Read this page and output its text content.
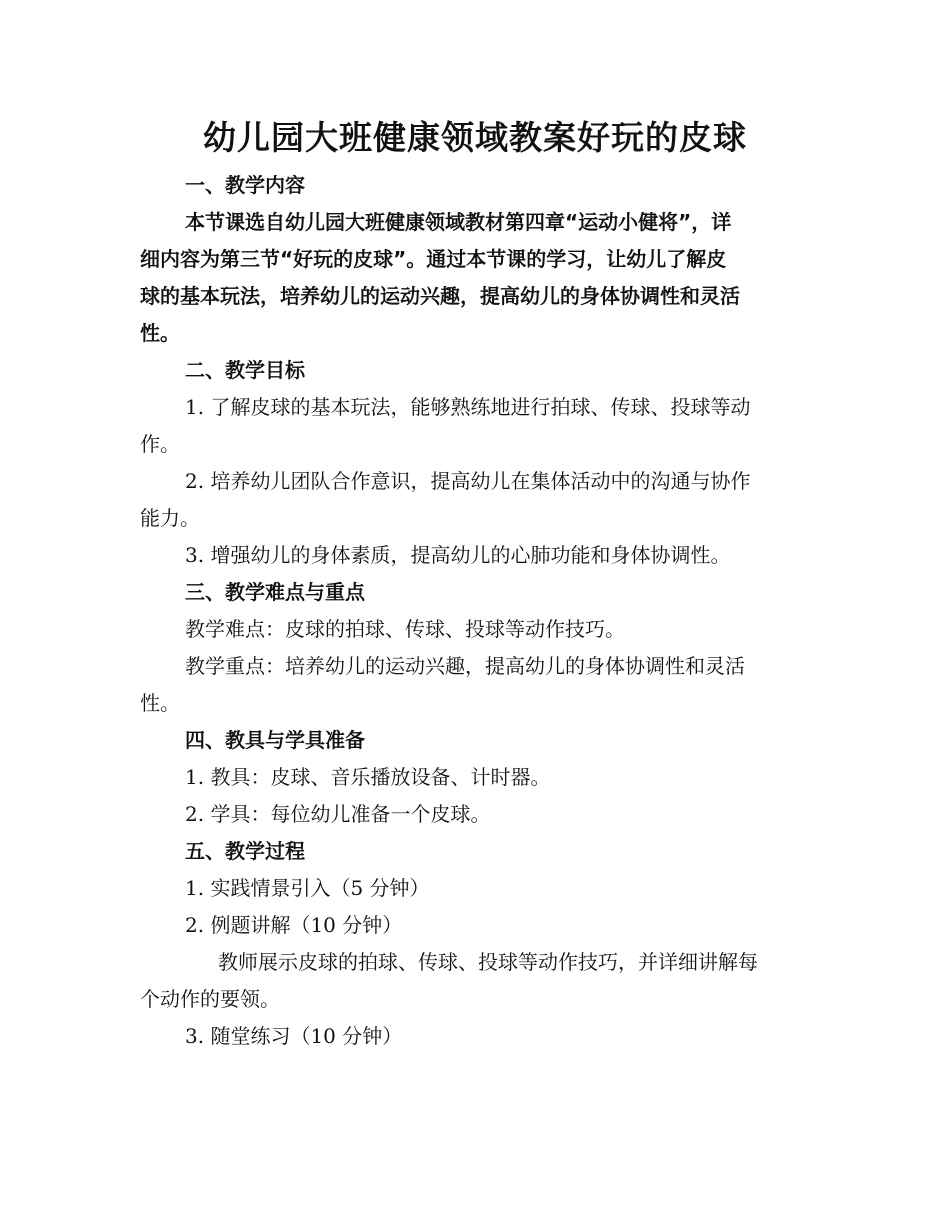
幼儿园大班健康领域教案好玩的皮球
一、教学内容
本节课选自幼儿园大班健康领域教材第四章“运动小健将”，详
细内容为第三节“好玩的皮球”。通过本节课的学习，让幼儿了解皮
球的基本玩法，培养幼儿的运动兴趣，提高幼儿的身体协调性和灵活
性。
二、教学目标
1. 了解皮球的基本玩法，能够熟练地进行拍球、传球、投球等动
作。
2. 培养幼儿团队合作意识，提高幼儿在集体活动中的沟通与协作
能力。
3. 增强幼儿的身体素质，提高幼儿的心肺功能和身体协调性。
三、教学难点与重点
教学难点：皮球的拍球、传球、投球等动作技巧。
教学重点：培养幼儿的运动兴趣，提高幼儿的身体协调性和灵活
性。
四、教具与学具准备
1. 教具：皮球、音乐播放设备、计时器。
2. 学具：每位幼儿准备一个皮球。
五、教学过程
1. 实践情景引入（5 分钟）
2. 例题讲解（10 分钟）
教师展示皮球的拍球、传球、投球等动作技巧，并详细讲解每
个动作的要领。
3. 随堂练习（10 分钟）
